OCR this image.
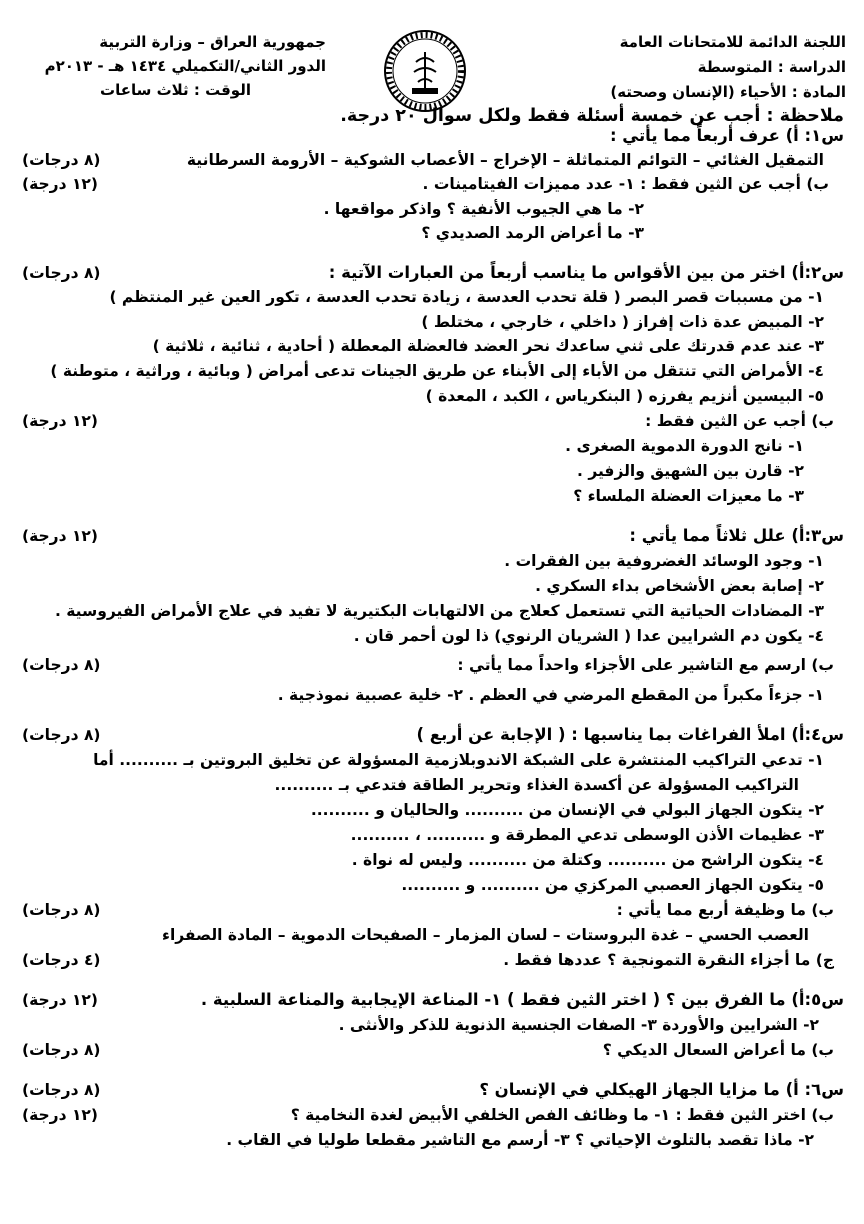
اللجنة الدائمة للامتحانات العامة
الدراسة : المتوسطة
المادة : الأحياء (الإنسان وصحته)
جمهورية العراق – وزارة التربية
الدور الثاني/التكميلي ١٤٣٤ هـ - ٢٠١٣م
الوقت : ثلاث ساعات
ملاحظة : أجب عن خمسة أسئلة فقط ولكل سوال ٢٠ درجة.
س١: أ) عرف أربعاً مما يأتي :
التمقيل الغثائي – التوائم المتماثلة – الإخراج – الأعصاب الشوكية – الأرومة السرطانية
ب) أجب عن الثين فقط : ١- عدد مميزات الفيتامينات .
٢- ما هي الجيوب الأنفية ؟ واذكر مواقعها .
٣- ما أعراض الرمد الصديدي ؟
س٢:أ) اختر من بين الأقواس ما يناسب أربعاً من العبارات الآتية :
١- من مسببات قصر البصر ( قلة تحدب العدسة ، زيادة تحدب العدسة ، تكور العين غير المنتظم )
٢- المبيض عدة ذات إفراز ( داخلي ، خارجي ، مختلط )
٣- عند عدم قدرتك على ثني ساعدك نحر العضد فالعضلة المعطلة ( أحادية ، ثنائية ، ثلاثية )
٤- الأمراض التي تنتقل من الأباء إلى الأبناء عن طريق الجينات تدعى أمراض ( وبائية ، وراثية ، متوطنة )
٥- البيسين أنزيم يفرزه ( البنكرياس ، الكبد ، المعدة )
ب) أجب عن الثين فقط :
١- نانج الدورة الدموية الصغرى .
٢- قارن بين الشهيق والزفير .
٣- ما معيزات العضلة الملساء ؟
س٣:أ) علل ثلاثاً مما يأتي :
١- وجود الوسائد الغضروفية بين الفقرات .
٢- إصابة بعض الأشخاص بداء السكري .
٣- المضادات الحياتية التي تستعمل كعلاج من الالتهابات البكتيرية لا تفيد في علاج الأمراض الفيروسية .
٤- يكون دم الشرايين عدا ( الشريان الرنوي) ذا لون أحمر قان .
ب) ارسم مع التاشير على الأجزاء واحداً مما يأتي :
١- جزءاً مكبراً من المقطع المرضي في العظم . ٢- خلية عصبية نموذجية .
س٤:أ) املأ الفراغات بما يناسبها : ( الإجابة عن أربع )
١- تدعي التراكيب المنتشرة على الشبكة الاندوبلازمية المسؤولة عن تخليق البروتين بـ .......... أما
التراكيب المسؤولة عن أكسدة الغذاء وتحرير الطاقة فتدعي بـ ..........
٢- يتكون الجهاز البولي في الإنسان من .......... والحاليان و ..........
٣- عظيمات الأذن الوسطى تدعي المطرقة و .......... ، ..........
٤- يتكون الراشح من .......... وكتلة من .......... وليس له نواة .
٥- يتكون الجهاز العصبي المركزي من .......... و ..........
ب) ما وظيفة أربع مما يأتي :
العصب الحسي – غدة البروستات – لسان المزمار – الصفيحات الدموية – المادة الصفراء
ج) ما أجزاء النقرة التمونجية ؟ عددها فقط .
س٥:أ) ما الفرق بين ؟ ( اختر الثين فقط ) ١- المناعة الإيجابية والمناعة السلبية .
٢- الشرايين والأوردة ٣- الصفات الجنسية الذنوية للذكر والأنثى .
ب) ما أعراض السعال الديكي ؟
س٦: أ) ما مزايا الجهاز الهيكلي في الإنسان ؟
ب) اختر الثين فقط : ١- ما وظائف الفص الخلفي الأبيض لغدة النخامية ؟
٢- ماذا تقصد بالتلوث الإحياتي ؟ ٣- أرسم مع التاشير مقطعا طوليا في القاب .
(٨ درجات)
(١٢ درجة)
(٨ درجات)
(١٢ درجة)
(١٢ درجة)
(٨ درجات)
(٨ درجات)
(٨ درجات)
(٤ درجات)
(١٢ درجة)
(٨ درجات)
(٨ درجات)
(١٢ درجة)
